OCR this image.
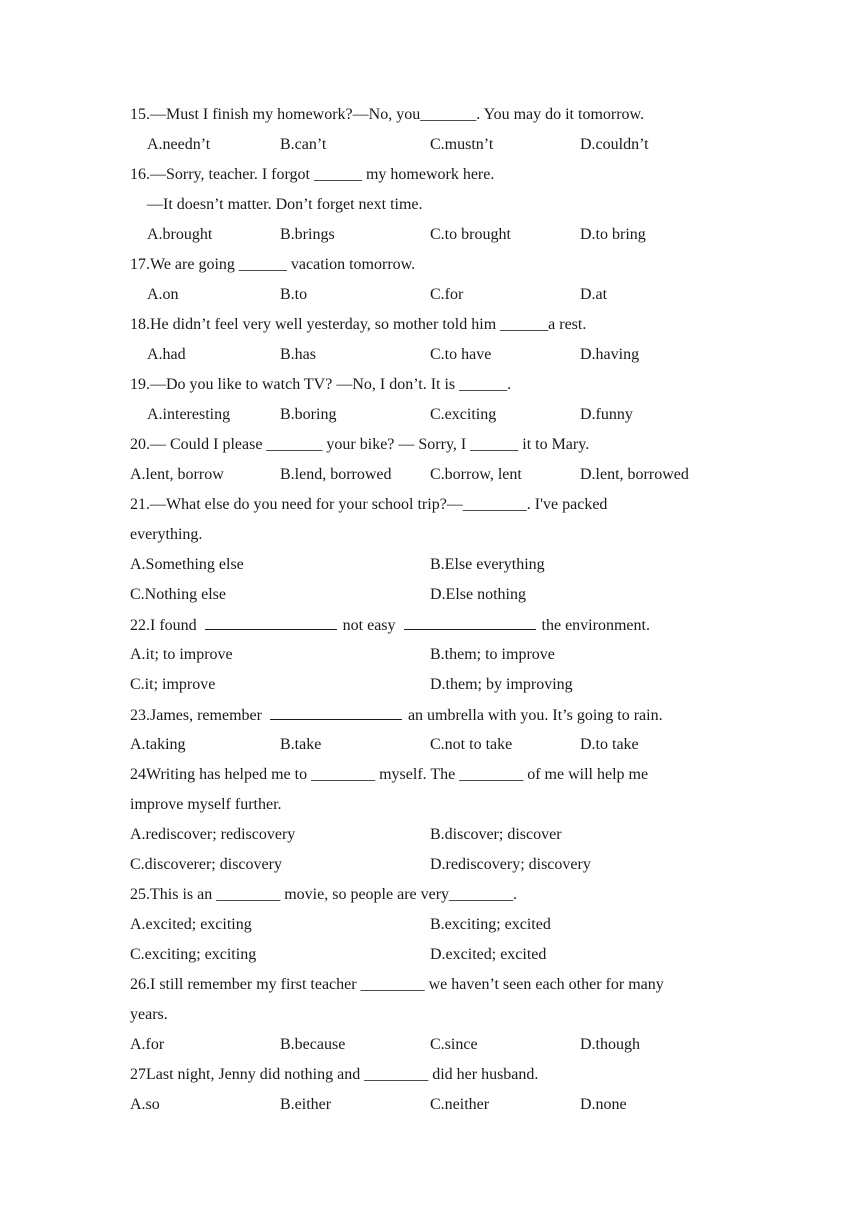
15.—Must I finish my homework?—No, you_______. You may do it tomorrow.
A.needn’t	B.can’t	C.mustn’t	D.couldn’t
16.—Sorry, teacher. I forgot ______ my homework here.
—It doesn’t matter. Don’t forget next time.
A.brought	B.brings	C.to brought	D.to bring
17.We are going ______ vacation tomorrow.
A.on	B.to	C.for	D.at
18.He didn’t feel very well yesterday, so mother told him ______a rest.
A.had	B.has	C.to have	D.having
19.—Do you like to watch TV? —No, I don’t. It is ______.
A.interesting	B.boring	C.exciting	D.funny
20.— Could I please _______ your bike? — Sorry, I ______ it to Mary.
A.lent, borrow	B.lend, borrowed C.borrow, lent	D.lent, borrowed
21.—What else do you need for your school trip?—________. I've packed
everything.
A.Something else	B.Else everything
C.Nothing else	D.Else nothing
22.I found	not easy	the environment.
A.it; to improve	B.them; to improve
C.it; improve	D.them; by improving
23.James, remember	an umbrella with you. It’s going to rain.
A.taking	B.take	C.not to take	D.to take
24Writing has helped me to ________ myself. The ________ of me will help me
improve myself further.
A.rediscover; rediscovery	B.discover; discover
C.discoverer; discovery	D.rediscovery; discovery
25.This is an ________ movie, so people are very________.
A.excited; exciting	B.exciting; excited
C.exciting; exciting	D.excited; excited
26.I still remember my first teacher ________ we haven’t seen each other for many
years.
A.for	B.because	C.since	D.though
27Last night, Jenny did nothing and ________ did her husband.
A.so	B.either	C.neither	D.none
